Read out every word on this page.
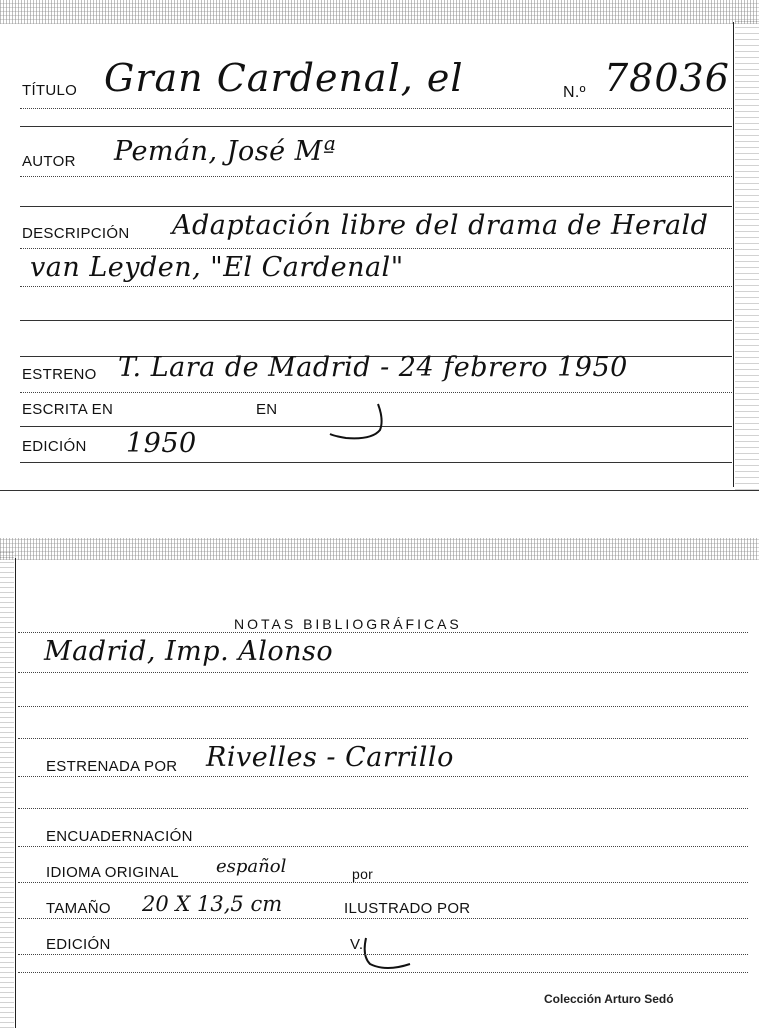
TÍTULO Gran Cardenal, el	N.º 78036
AUTOR Pemán, José Mª
DESCRIPCIÓN Adaptación libre del drama de Herald
van Leyden, "El Cardenal"
ESTRENO T. Lara de Madrid - 24 febrero 1950
ESCRITA EN	EN
EDICIÓN 1950
NOTAS BIBLIOGRÁFICAS
Madrid, Imp. Alonso
ESTRENADA POR Rivelles - Carrillo
ENCUADERNACIÓN
IDIOMA ORIGINAL español	por
TAMAÑO 20 X 13,5 cm	ILUSTRADO POR
EDICIÓN	V.
Colección Arturo Sedó
